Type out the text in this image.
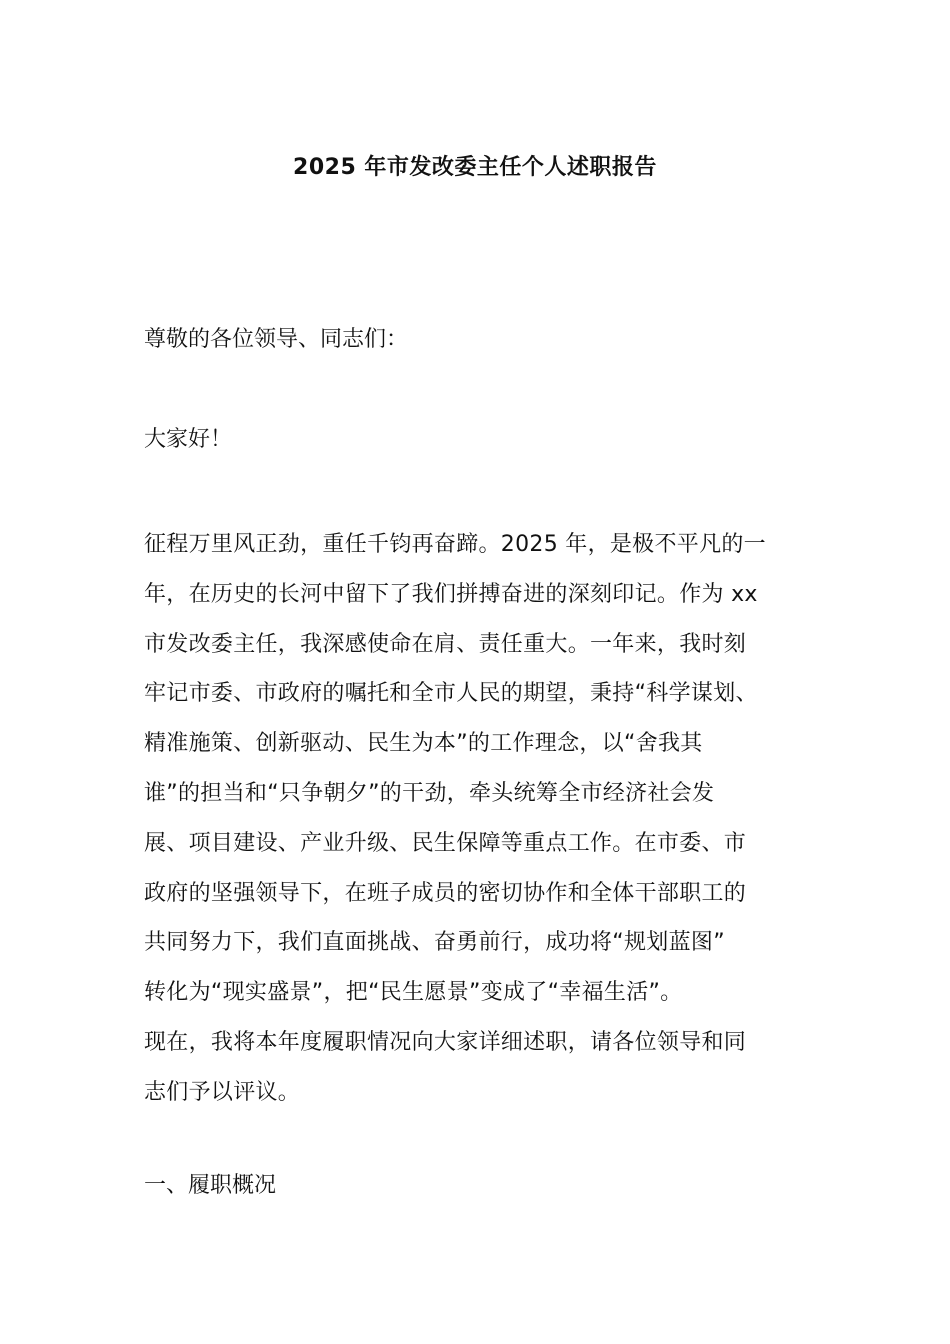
2025 年市发改委主任个人述职报告
尊敬的各位领导、同志们：
大家好！
征程万里风正劲，重任千钧再奋蹄。2025 年，是极不平凡的一
年，在历史的长河中留下了我们拼搏奋进的深刻印记。作为 xx
市发改委主任，我深感使命在肩、责任重大。一年来，我时刻
牢记市委、市政府的嘱托和全市人民的期望，秉持“科学谋划、
精准施策、创新驱动、民生为本”的工作理念，以“舍我其
谁”的担当和“只争朝夕”的干劲，牵头统筹全市经济社会发
展、项目建设、产业升级、民生保障等重点工作。在市委、市
政府的坚强领导下，在班子成员的密切协作和全体干部职工的
共同努力下，我们直面挑战、奋勇前行，成功将“规划蓝图”
转化为“现实盛景”，把“民生愿景”变成了“幸福生活”。
现在，我将本年度履职情况向大家详细述职，请各位领导和同
志们予以评议。
一、履职概况
